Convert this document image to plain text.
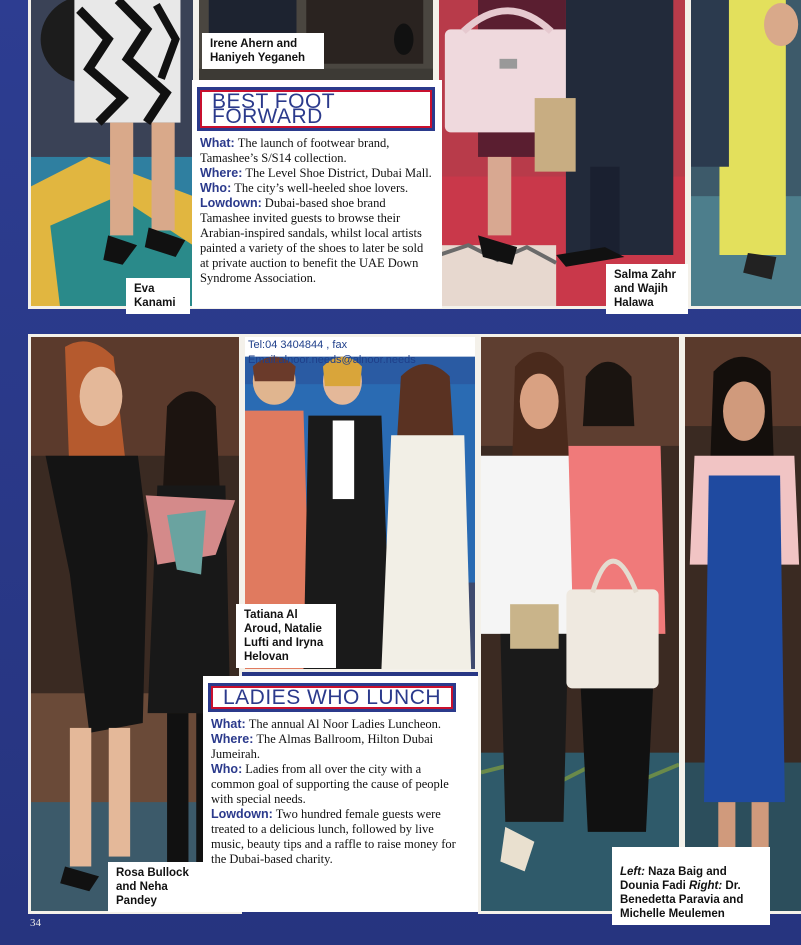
Irene Ahern and
Haniyeh Yeganeh
Eva
Kanami
Salma Zahr
and Wajih
Halawa
BEST FOOT FORWARD

What: The launch of footwear brand, Tamashee’s S/S14 collection.

Where: The Level Shoe District, Dubai Mall.

Who: The city’s well-heeled shoe lovers.

Lowdown: Dubai-based shoe brand Tamashee invited guests to browse their Arabian-inspired sandals, whilst local artists painted a variety of the shoes to later be sold at private auction to benefit the UAE Down Syndrome Association.

Rosa Bullock
and Neha
Pandey
Tatiana Al
Aroud, Natalie
Lufti and Iryna
Helovan

Left: Naza Baig and
Dounia Fadi Right: Dr.
Benedetta Paravia and
Michelle Meulemen

LADIES WHO LUNCH

What: The annual Al Noor Ladies Luncheon.

Where: The Almas Ballroom, Hilton Dubai Jumeirah.

Who: Ladies from all over the city with a common goal of supporting the cause of people with special needs.

Lowdown: Two hundred female guests were treated to a delicious lunch, followed by live music, beauty tips and a raffle to raise money for the Dubai-based charity.

Tel:04 3404844 , fax Email:alnoor.needs@alnoor.needs
34
